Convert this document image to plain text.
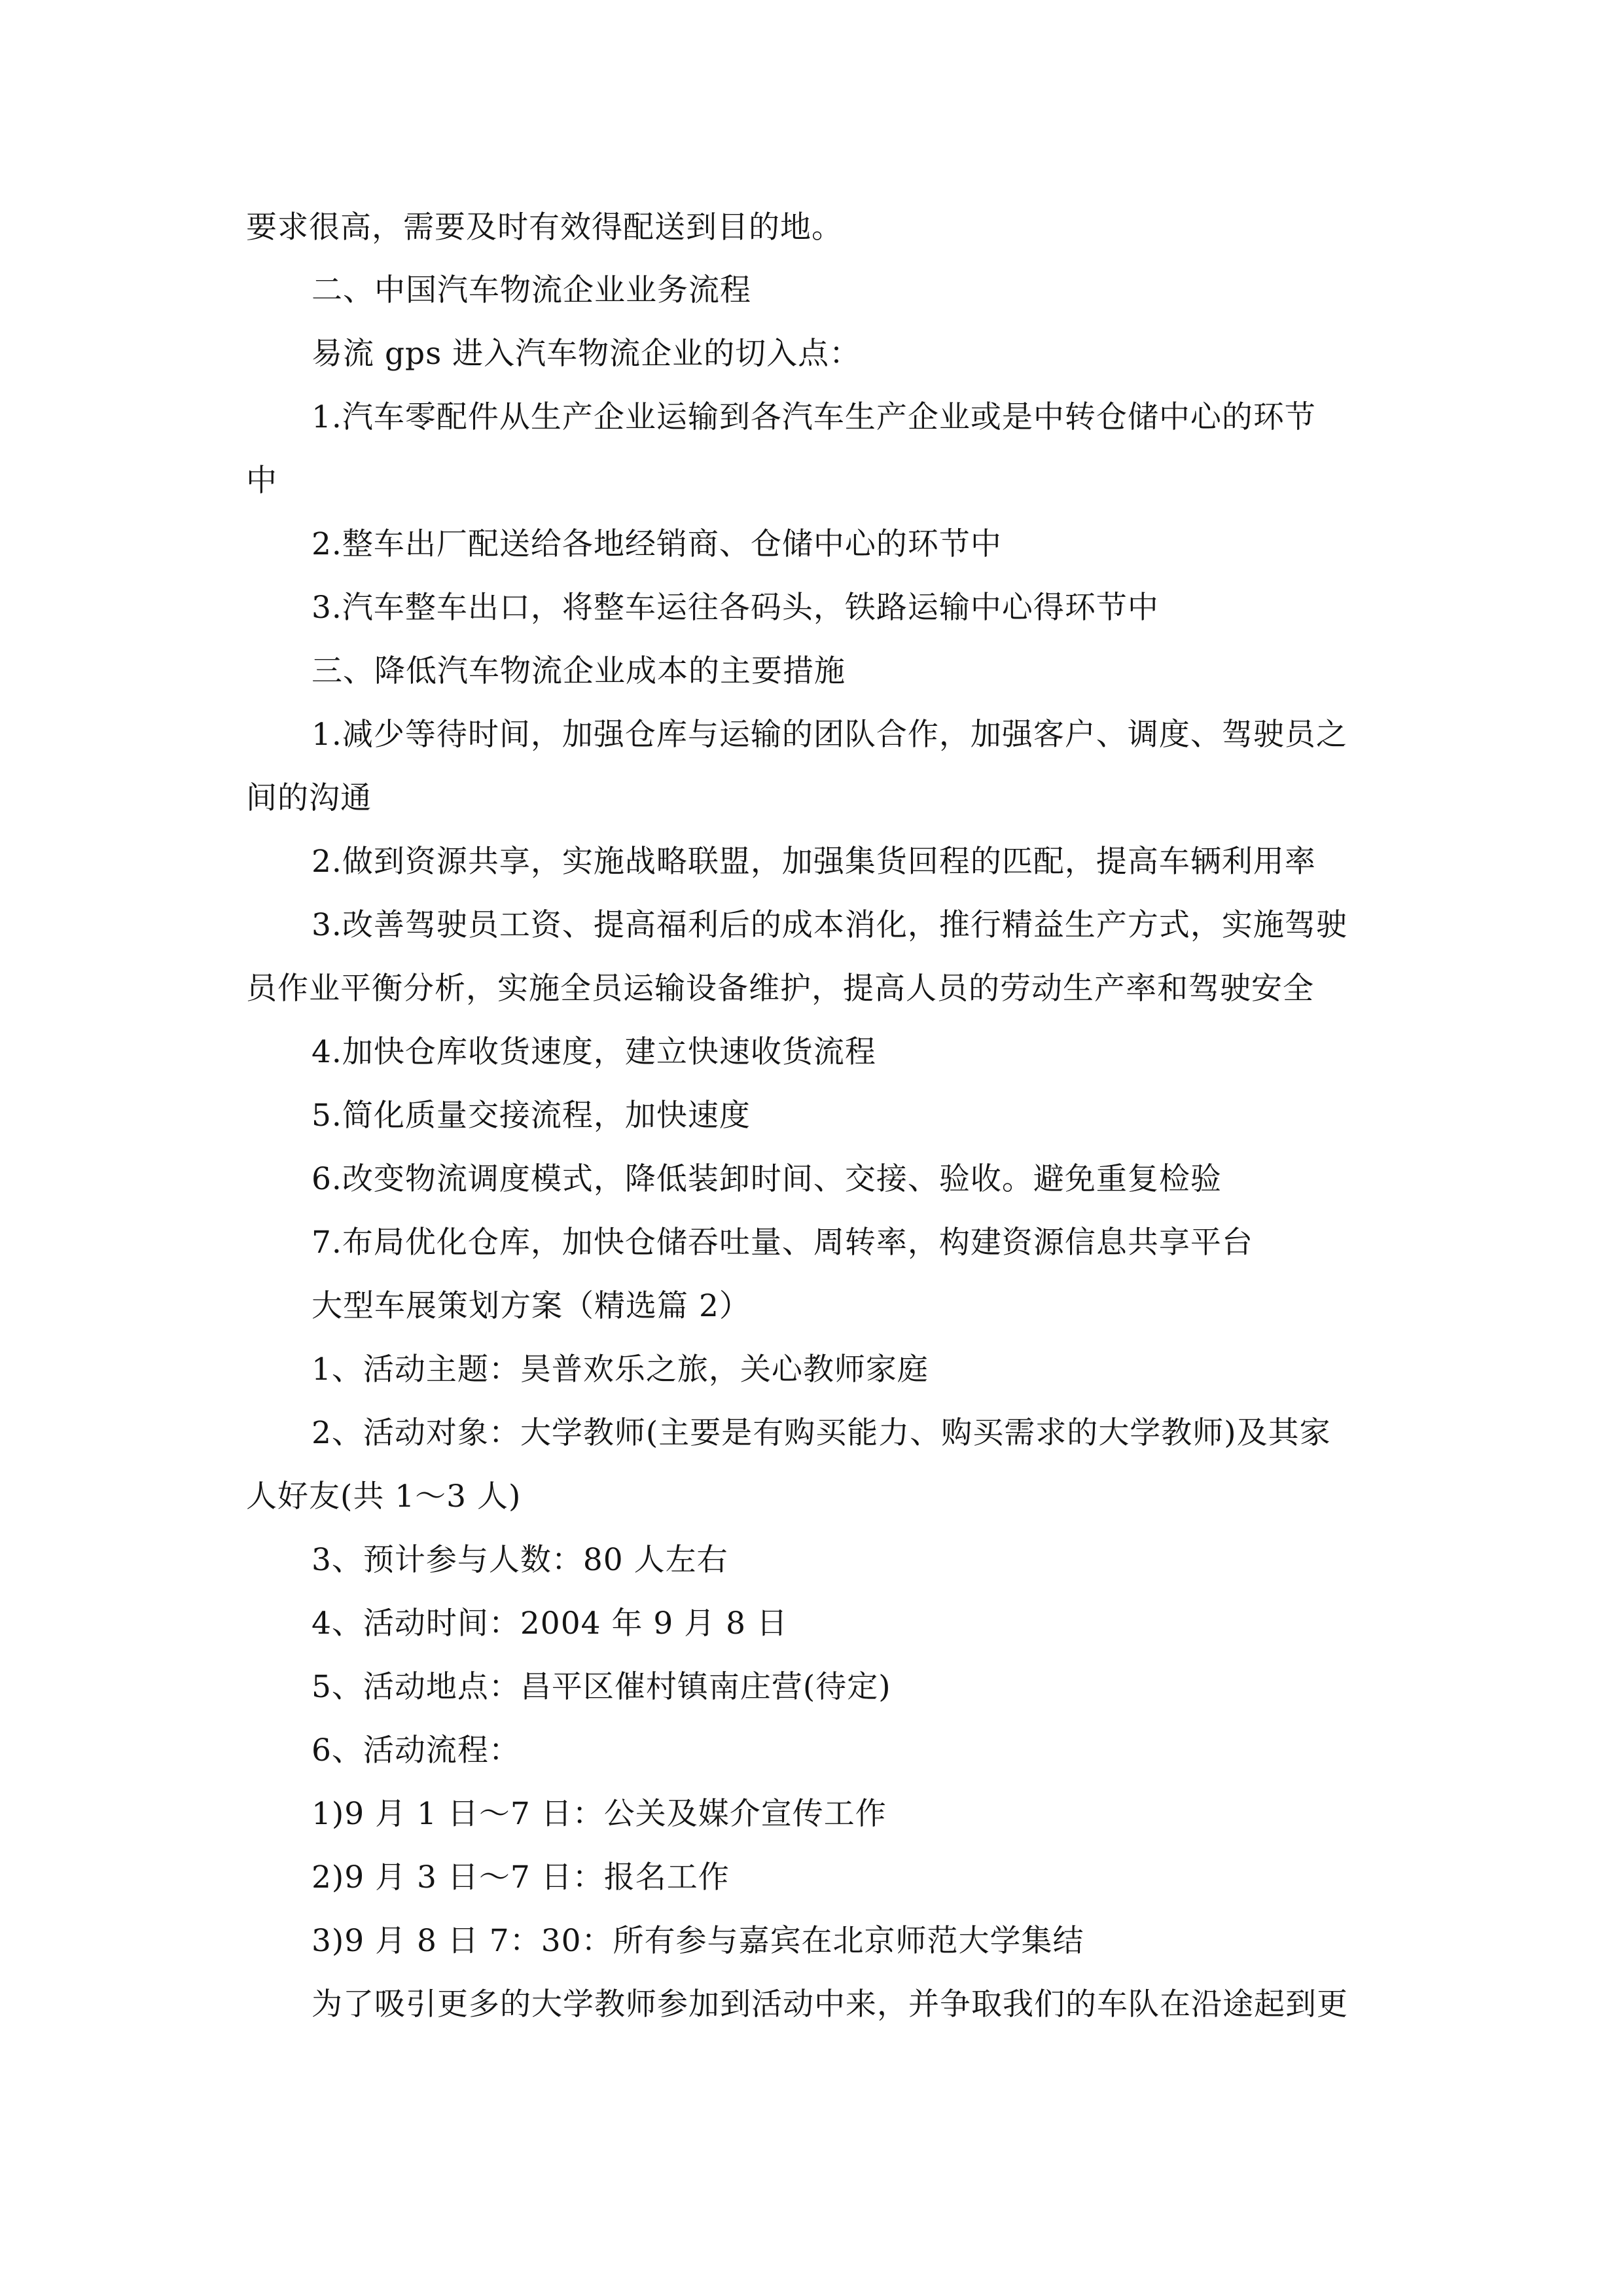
要求很高，需要及时有效得配送到目的地。

二、中国汽车物流企业业务流程

易流 gps 进入汽车物流企业的切入点：

1.汽车零配件从生产企业运输到各汽车生产企业或是中转仓储中心的环节

中

2.整车出厂配送给各地经销商、仓储中心的环节中

3.汽车整车出口，将整车运往各码头，铁路运输中心得环节中

三、降低汽车物流企业成本的主要措施

1.减少等待时间，加强仓库与运输的团队合作，加强客户、调度、驾驶员之

间的沟通

2.做到资源共享，实施战略联盟，加强集货回程的匹配，提高车辆利用率

3.改善驾驶员工资、提高福利后的成本消化，推行精益生产方式，实施驾驶

员作业平衡分析，实施全员运输设备维护，提高人员的劳动生产率和驾驶安全

4.加快仓库收货速度，建立快速收货流程

5.简化质量交接流程，加快速度

6.改变物流调度模式，降低装卸时间、交接、验收。避免重复检验

7.布局优化仓库，加快仓储吞吐量、周转率，构建资源信息共享平台

大型车展策划方案（精选篇 2）

1、活动主题：昊普欢乐之旅，关心教师家庭

2、活动对象：大学教师(主要是有购买能力、购买需求的大学教师)及其家

人好友(共 1～3 人)

3、预计参与人数：80 人左右

4、活动时间：2004 年 9 月 8 日

5、活动地点：昌平区催村镇南庄营(待定)

6、活动流程：

1)9 月 1 日～7 日：公关及媒介宣传工作

2)9 月 3 日～7 日：报名工作

3)9 月 8 日 7：30：所有参与嘉宾在北京师范大学集结

为了吸引更多的大学教师参加到活动中来，并争取我们的车队在沿途起到更
